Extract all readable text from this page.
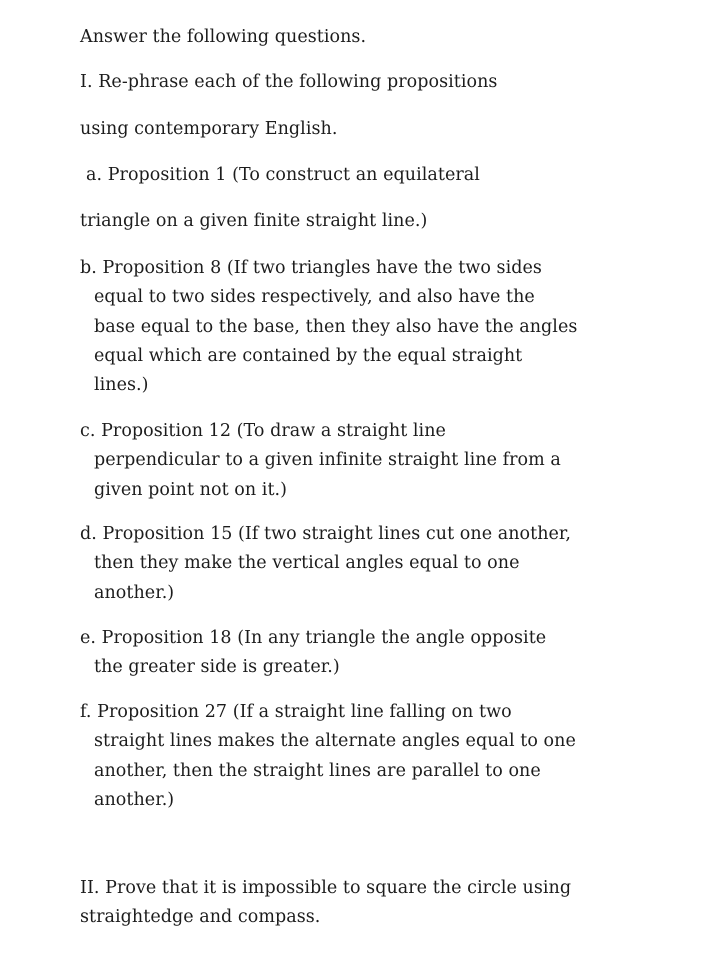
Answer the following questions.
I. Re-phrase each of the following propositions
using contemporary English.
a. Proposition 1 (To construct an equilateral
triangle on a given finite straight line.)
b. Proposition 8 (If two triangles have the two sides
equal to two sides respectively, and also have the
base equal to the base, then they also have the angles
equal which are contained by the equal straight
lines.)
c. Proposition 12 (To draw a straight line
perpendicular to a given infinite straight line from a
given point not on it.)
d. Proposition 15 (If two straight lines cut one another,
then they make the vertical angles equal to one
another.)
e. Proposition 18 (In any triangle the angle opposite
the greater side is greater.)
f. Proposition 27 (If a straight line falling on two
straight lines makes the alternate angles equal to one
another, then the straight lines are parallel to one
another.)
II. Prove that it is impossible to square the circle using
straightedge and compass.
